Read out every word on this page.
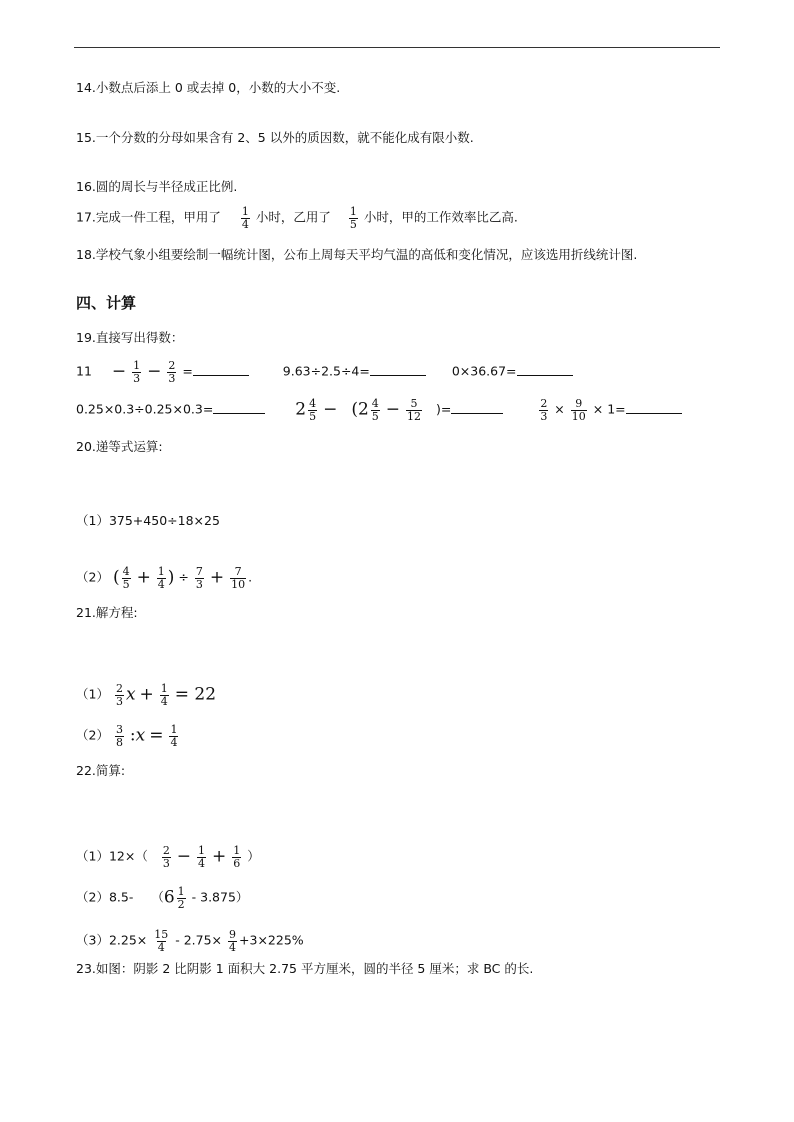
14.小数点后添上 0 或去掉 0，小数的大小不变.
15.一个分数的分母如果含有 2、5 以外的质因数，就不能化成有限小数.
16.圆的周长与半径成正比例.
17.完成一件工程，甲用了 $\frac{1}{4}$ 小时，乙用了 $\frac{1}{5}$ 小时，甲的工作效率比乙高.
18.学校气象小组要绘制一幅统计图，公布上周每天平均气温的高低和变化情况，应该选用折线统计图.
四、计算
19.直接写出得数：
$11 - \frac{1}{3} - \frac{2}{3}$ =	9.63÷2.5÷4=	0×36.67=
0.25×0.3÷0.25×0.3=	$2 \frac{4}{5} - (2 \frac{4}{5} - \frac{5}{12}$ )=	$\frac{2}{3} \times \frac{9}{10} \times 1=$
20.递等式运算:
（1）375+450÷18×25
（2） ( $\frac{4}{5} + \frac{1}{4}$ ) ÷ $\frac{7}{3} + \frac{7}{10}$ .
21.解方程:
$(1) \frac{2}{3}$ $x + \frac{1}{4} = 22$
$(2) \frac{3}{8}$ :x = $\frac{1}{4}$
22.简算:
$(1)12\times( \frac{2}{3} - \frac{1}{4} + \frac{1}{6}$ ）
（2）8.5- $(6 \frac{1}{2} - 3.875)$
$(3)2.25\times \frac{15}{4} - 2.75\times \frac{9}{4} +3\times 225\%$
23.如图：阴影 2 比阴影 1 面积大 2.75 平方厘米，圆的半径 5 厘米；求 BC 的长.
